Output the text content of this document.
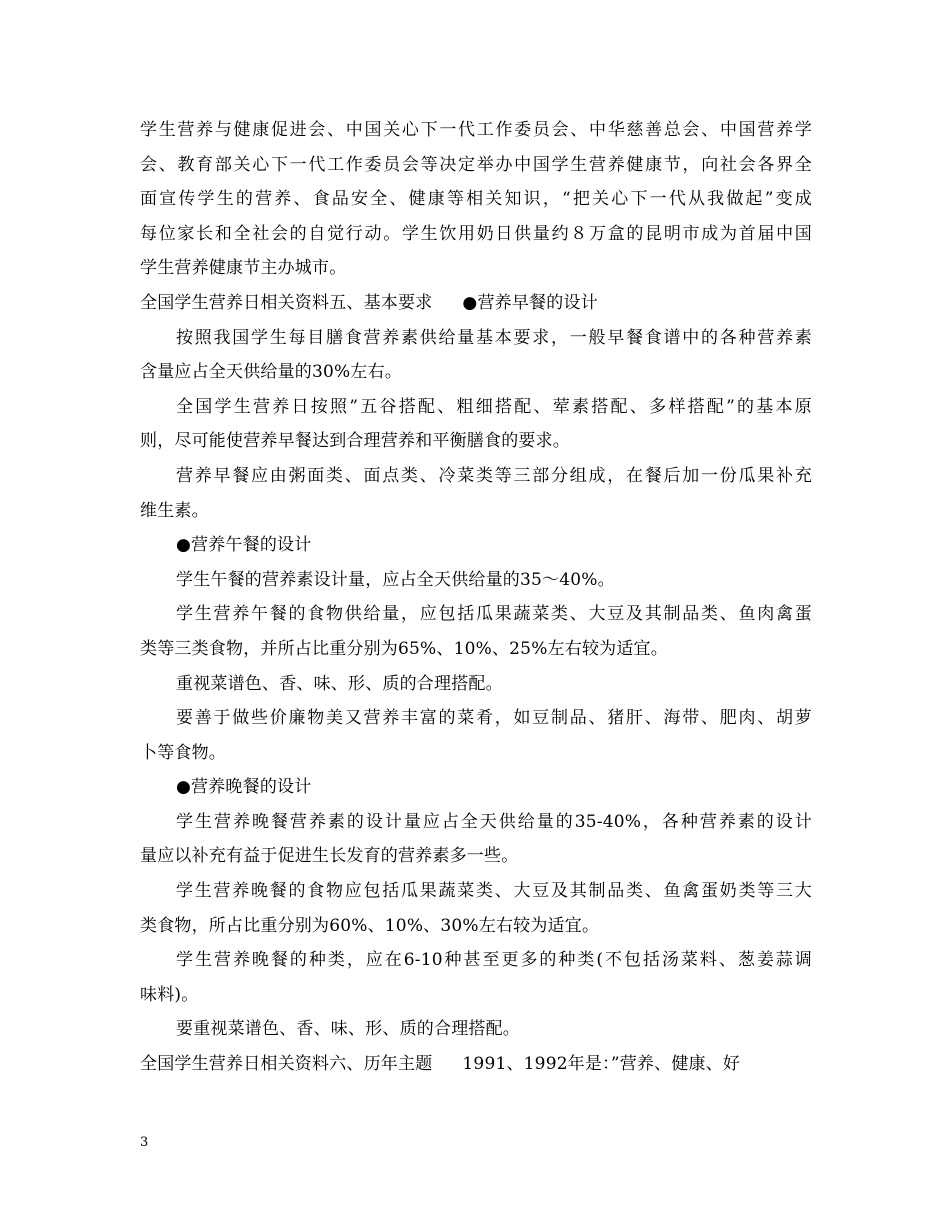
学生营养与健康促进会、中国关心下一代工作委员会、中华慈善总会、中国营养学
会、教育部关心下一代工作委员会等决定举办中国学生营养健康节，向社会各界全
面宣传学生的营养、食品安全、健康等相关知识，“把关心下一代从我做起”变成
每位家长和全社会的自觉行动。学生饮用奶日供量约８万盒的昆明市成为首届中国
学生营养健康节主办城市。
全国学生营养日相关资料五、基本要求 ●营养早餐的设计
按照我国学生每目膳食营养素供给量基本要求，一般早餐食谱中的各种营养素
含量应占全天供给量的30%左右。
全国学生营养日按照”五谷搭配、粗细搭配、荤素搭配、多样搭配”的基本原
则，尽可能使营养早餐达到合理营养和平衡膳食的要求。
营养早餐应由粥面类、面点类、冷菜类等三部分组成，在餐后加一份瓜果补充
维生素。
●营养午餐的设计
学生午餐的营养素设计量，应占全天供给量的35～40%。
学生营养午餐的食物供给量，应包括瓜果蔬菜类、大豆及其制品类、鱼肉禽蛋
类等三类食物，并所占比重分别为65%、10%、25%左右较为适宜。
重视菜谱色、香、味、形、质的合理搭配。
要善于做些价廉物美又营养丰富的菜肴，如豆制品、猪肝、海带、肥肉、胡萝
卜等食物。
●营养晚餐的设计
学生营养晚餐营养素的设计量应占全天供给量的35-40%，各种营养素的设计
量应以补充有益于促进生长发育的营养素多一些。
学生营养晚餐的食物应包括瓜果蔬菜类、大豆及其制品类、鱼禽蛋奶类等三大
类食物，所占比重分别为60%、10%、30%左右较为适宜。
学生营养晚餐的种类，应在6-10种甚至更多的种类(不包括汤菜料、葱姜蒜调
味料)。
要重视菜谱色、香、味、形、质的合理搭配。
全国学生营养日相关资料六、历年主题 1991、1992年是：”营养、健康、好
3
